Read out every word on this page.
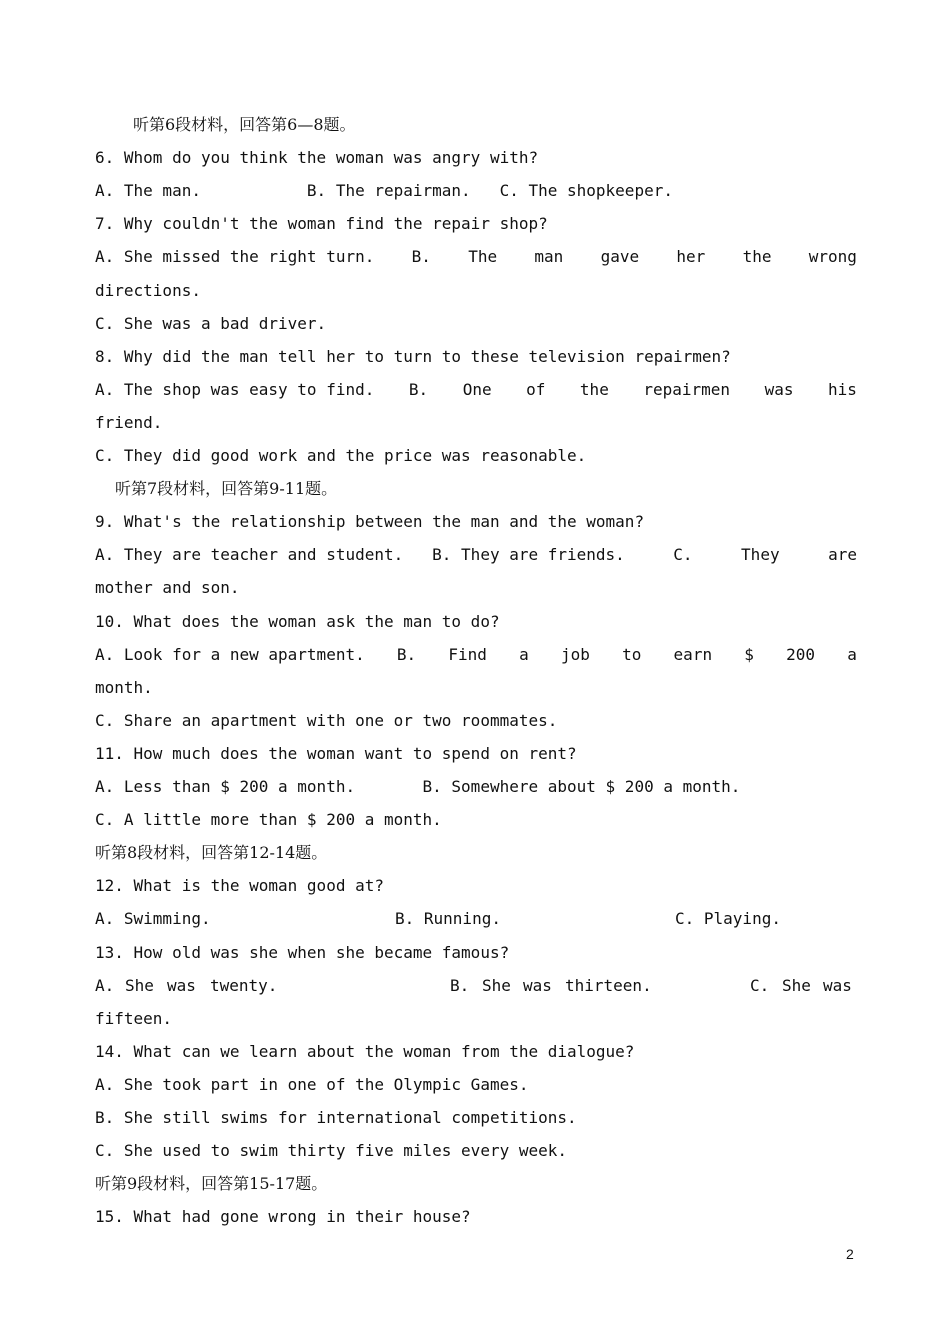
听第6段材料，回答第6—8题。
6. Whom do you think the woman was angry with?
A. The man.           B. The repairman.   C. The shopkeeper.
7. Why couldn't the woman find the repair shop?
A. She missed the right turn. B. The man gave her the wrong
directions.
C. She was a bad driver.
8. Why did the man tell her to turn to these television repairmen?
A. The shop was easy to find. B. One of the repairmen was his
friend.
C. They did good work and the price was reasonable.
听第7段材料，回答第9-11题。
9. What's the relationship between the man and the woman?
A. They are teacher and student.   B. They are friends.	C.	They	are
mother and son.
10. What does the woman ask the man to do?
A. Look for a new apartment. B. Find a job to earn $ 200 a
month.
C. Share an apartment with one or two roommates.
11. How much does the woman want to spend on rent?
A. Less than $ 200 a month.       B. Somewhere about $ 200 a month.
C. A little more than $ 200 a month.
听第8段材料，回答第12-14题。
12. What is the woman good at?
A. Swimming.	B. Running.	C. Playing.
13. How old was she when she became famous?
A. She was twenty.	B. She was thirteen.	C. She was
fifteen.
14. What can we learn about the woman from the dialogue?
A. She took part in one of the Olympic Games.
B. She still swims for international competitions.
C. She used to swim thirty five miles every week.
听第9段材料，回答第15-17题。
15. What had gone wrong in their house?
2
